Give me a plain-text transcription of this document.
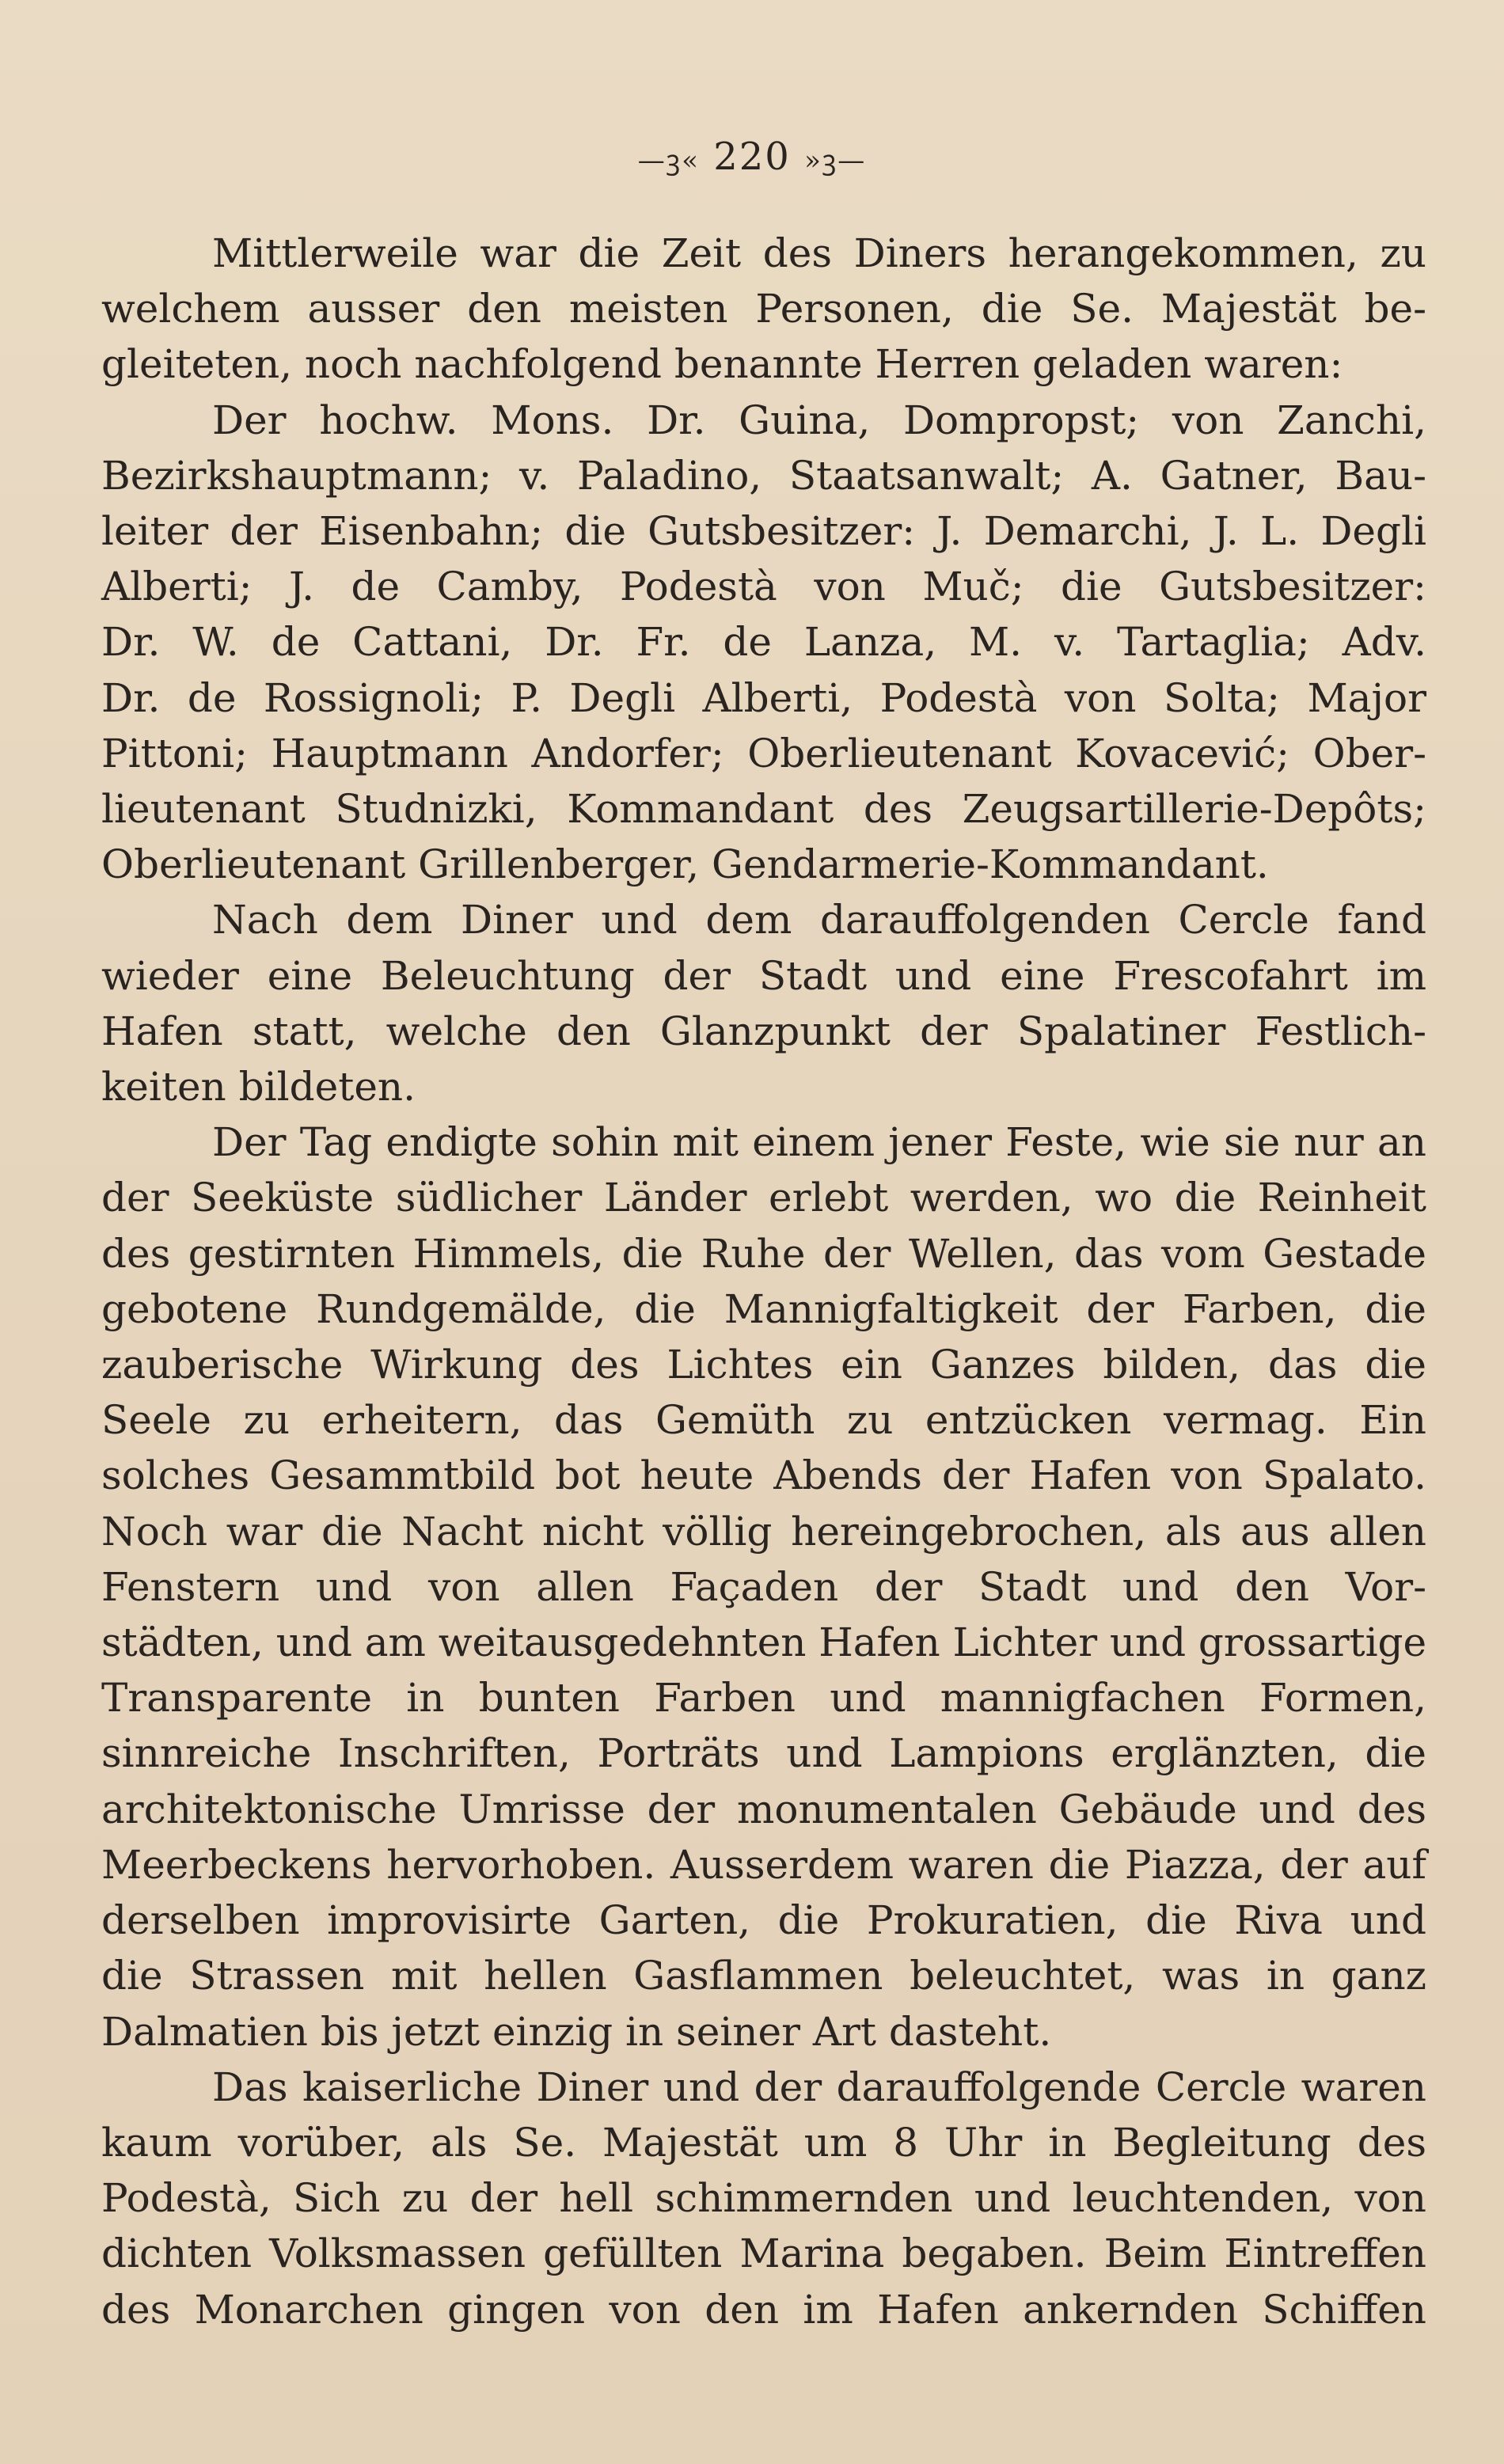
—ꝫ« 220 »ꝫ—
Mittlerweile war die Zeit des Diners herangekommen, zu
welchem ausser den meisten Personen, die Se. Majestät be-
gleiteten, noch nachfolgend benannte Herren geladen waren:
Der hochw. Mons. Dr. Guina, Dompropst; von Zanchi,
Bezirkshauptmann; v. Paladino, Staatsanwalt; A. Gatner, Bau-
leiter der Eisenbahn; die Gutsbesitzer: J. Demarchi, J. L. Degli
Alberti; J. de Camby, Podestà von Muč; die Gutsbesitzer:
Dr. W. de Cattani, Dr. Fr. de Lanza, M. v. Tartaglia; Adv.
Dr. de Rossignoli; P. Degli Alberti, Podestà von Solta; Major
Pittoni; Hauptmann Andorfer; Oberlieutenant Kovacević; Ober-
lieutenant Studnizki, Kommandant des Zeugsartillerie-Depôts;
Oberlieutenant Grillenberger, Gendarmerie-Kommandant.
Nach dem Diner und dem darauffolgenden Cercle fand
wieder eine Beleuchtung der Stadt und eine Frescofahrt im
Hafen statt, welche den Glanzpunkt der Spalatiner Festlich-
keiten bildeten.
Der Tag endigte sohin mit einem jener Feste, wie sie nur an
der Seeküste südlicher Länder erlebt werden, wo die Reinheit
des gestirnten Himmels, die Ruhe der Wellen, das vom Gestade
gebotene Rundgemälde, die Mannigfaltigkeit der Farben, die
zauberische Wirkung des Lichtes ein Ganzes bilden, das die
Seele zu erheitern, das Gemüth zu entzücken vermag. Ein
solches Gesammtbild bot heute Abends der Hafen von Spalato.
Noch war die Nacht nicht völlig hereingebrochen, als aus allen
Fenstern und von allen Façaden der Stadt und den Vor-
städten, und am weitausgedehnten Hafen Lichter und grossartige
Transparente in bunten Farben und mannigfachen Formen,
sinnreiche Inschriften, Porträts und Lampions erglänzten, die
architektonische Umrisse der monumentalen Gebäude und des
Meerbeckens hervorhoben. Ausserdem waren die Piazza, der auf
derselben improvisirte Garten, die Prokuratien, die Riva und
die Strassen mit hellen Gasflammen beleuchtet, was in ganz
Dalmatien bis jetzt einzig in seiner Art dasteht.
Das kaiserliche Diner und der darauffolgende Cercle waren
kaum vorüber, als Se. Majestät um 8 Uhr in Begleitung des
Podestà, Sich zu der hell schimmernden und leuchtenden, von
dichten Volksmassen gefüllten Marina begaben. Beim Eintreffen
des Monarchen gingen von den im Hafen ankernden Schiffen
